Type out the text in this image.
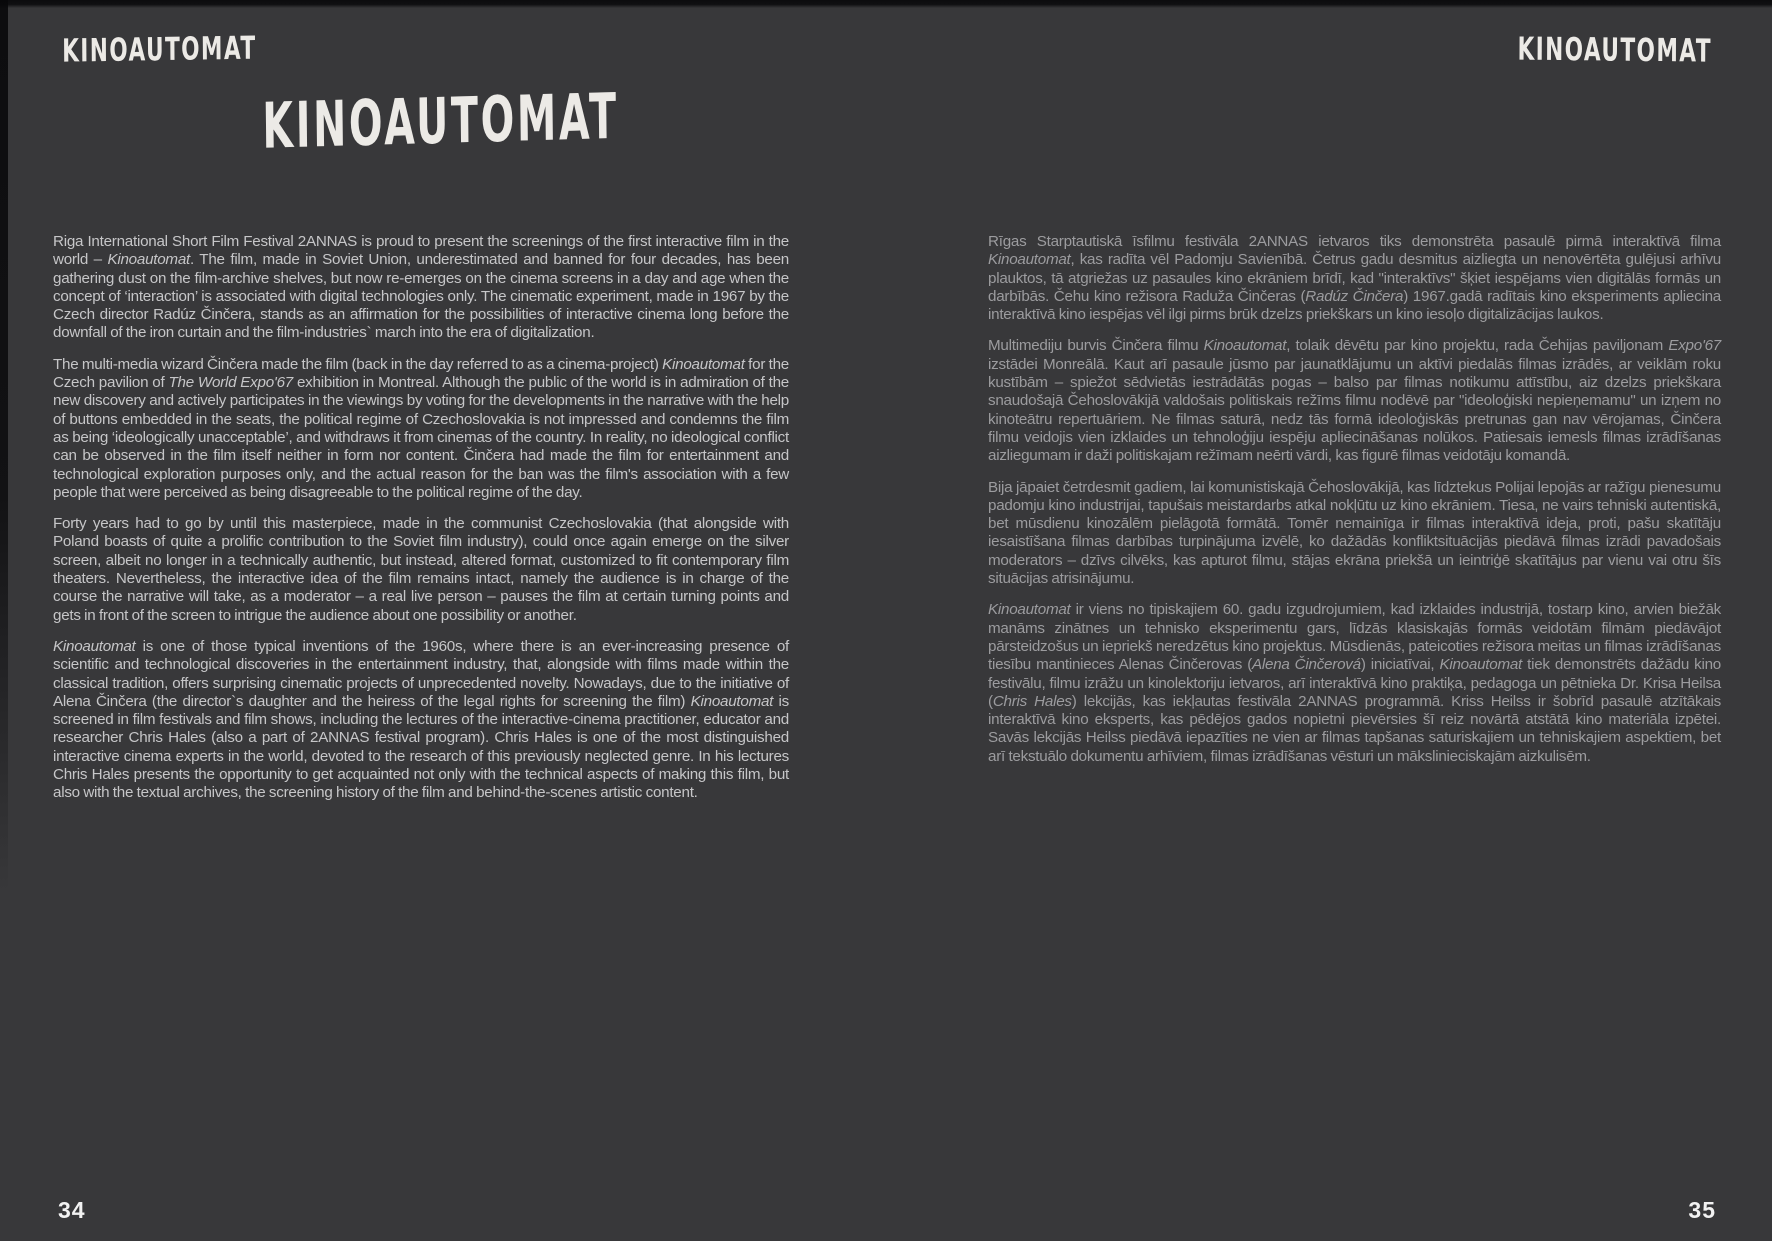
KINOAUTOMAT	KINOAUTOMAT
KINOAUTOMAT

Riga International Short Film Festival 2ANNAS is proud to present the screenings of the first interactive film in the world – Kinoautomat. The film, made in Soviet Union, underestimated and banned for four decades, has been gathering dust on the film-archive shelves, but now re-emerges on the cinema screens in a day and age when the concept of ‘interaction’ is associated with digital technologies only. The cinematic experiment, made in 1967 by the Czech director Radúz Činčera, stands as an affirmation for the possibilities of interactive cinema long before the downfall of the iron curtain and the film-industries` march into the era of digitalization.

The multi-media wizard Činčera made the film (back in the day referred to as a cinema-project) Kinoautomat for the Czech pavilion of The World Expo'67 exhibition in Montreal. Although the public of the world is in admiration of the new discovery and actively participates in the viewings by voting for the developments in the narrative with the help of buttons embedded in the seats, the political regime of Czechoslovakia is not impressed and condemns the film as being ‘ideologically unacceptable’, and withdraws it from cinemas of the country. In reality, no ideological conflict can be observed in the film itself neither in form nor content. Činčera had made the film for entertainment and technological exploration purposes only, and the actual reason for the ban was the film's association with a few people that were perceived as being disagreeable to the political regime of the day.

Forty years had to go by until this masterpiece, made in the communist Czechoslovakia (that alongside with Poland boasts of quite a prolific contribution to the Soviet film industry), could once again emerge on the silver screen, albeit no longer in a technically authentic, but instead, altered format, customized to fit contemporary film theaters. Nevertheless, the interactive idea of the film remains intact, namely the audience is in charge of the course the narrative will take, as a moderator – a real live person – pauses the film at certain turning points and gets in front of the screen to intrigue the audience about one possibility or another.

Kinoautomat is one of those typical inventions of the 1960s, where there is an ever-increasing presence of scientific and technological discoveries in the entertainment industry, that, alongside with films made within the classical tradition, offers surprising cinematic projects of unprecedented novelty. Nowadays, due to the initiative of Alena Činčera (the director`s daughter and the heiress of the legal rights for screening the film) Kinoautomat is screened in film festivals and film shows, including the lectures of the interactive-cinema practitioner, educator and researcher Chris Hales (also a part of 2ANNAS festival program). Chris Hales is one of the most distinguished interactive cinema experts in the world, devoted to the research of this previously neglected genre. In his lectures Chris Hales presents the opportunity to get acquainted not only with the technical aspects of making this film, but also with the textual archives, the screening history of the film and behind-the-scenes artistic content.

Rīgas Starptautiskā īsfilmu festivāla 2ANNAS ietvaros tiks demonstrēta pasaulē pirmā interaktīvā filma Kinoautomat, kas radīta vēl Padomju Savienībā. Četrus gadu desmitus aizliegta un nenovērtēta gulējusi arhīvu plauktos, tā atgriežas uz pasaules kino ekrāniem brīdī, kad "interaktīvs" šķiet iespējams vien digitālās formās un darbībās. Čehu kino režisora Raduža Činčeras (Radúz Činčera) 1967.gadā radītais kino eksperiments apliecina interaktīvā kino iespējas vēl ilgi pirms brūk dzelzs priekškars un kino iesoļo digitalizācijas laukos.

Multimediju burvis Činčera filmu Kinoautomat, tolaik dēvētu par kino projektu, rada Čehijas paviljonam Expo'67 izstādei Monreālā. Kaut arī pasaule jūsmo par jaunatklājumu un aktīvi piedalās filmas izrādēs, ar veiklām roku kustībām – spiežot sēdvietās iestrādātās pogas – balso par filmas notikumu attīstību, aiz dzelzs priekškara snaudošajā Čehoslovākijā valdošais politiskais režīms filmu nodēvē par "ideoloģiski nepieņemamu" un izņem no kinoteātru repertuāriem. Ne filmas saturā, nedz tās formā ideoloģiskās pretrunas gan nav vērojamas, Činčera filmu veidojis vien izklaides un tehnoloģiju iespēju apliecināšanas nolūkos. Patiesais iemesls filmas izrādīšanas aizliegumam ir daži politiskajam režīmam neērti vārdi, kas figurē filmas veidotāju komandā.

Bija jāpaiet četrdesmit gadiem, lai komunistiskajā Čehoslovākijā, kas līdztekus Polijai lepojās ar ražīgu pienesumu padomju kino industrijai, tapušais meistardarbs atkal nokļūtu uz kino ekrāniem. Tiesa, ne vairs tehniski autentiskā, bet mūsdienu kinozālēm pielāgotā formātā. Tomēr nemainīga ir filmas interaktīvā ideja, proti, pašu skatītāju iesaistīšana filmas darbības turpinājuma izvēlē, ko dažādās konfliktsituācijās piedāvā filmas izrādi pavadošais moderators – dzīvs cilvēks, kas apturot filmu, stājas ekrāna priekšā un ieintriģē skatītājus par vienu vai otru šīs situācijas atrisinājumu.

Kinoautomat ir viens no tipiskajiem 60. gadu izgudrojumiem, kad izklaides industrijā, tostarp kino, arvien biežāk manāms zinātnes un tehnisko eksperimentu gars, līdzās klasiskajās formās veidotām filmām piedāvājot pārsteidzošus un iepriekš neredzētus kino projektus. Mūsdienās, pateicoties režisora meitas un filmas izrādīšanas tiesību mantinieces Alenas Činčerovas (Alena Činčerová) iniciatīvai, Kinoautomat tiek demonstrēts dažādu kino festivālu, filmu izrāžu un kinolektoriju ietvaros, arī interaktīvā kino praktiķa, pedagoga un pētnieka Dr. Krisa Heilsa (Chris Hales) lekcijās, kas iekļautas festivāla 2ANNAS programmā. Kriss Heilss ir šobrīd pasaulē atzītākais interaktīvā kino eksperts, kas pēdējos gados nopietni pievērsies šī reiz novārtā atstātā kino materiāla izpētei. Savās lekcijās Heilss piedāvā iepazīties ne vien ar filmas tapšanas saturiskajiem un tehniskajiem aspektiem, bet arī tekstuālo dokumentu arhīviem, filmas izrādīšanas vēsturi un mākslinieciskajām aizkulisēm.

34	35
